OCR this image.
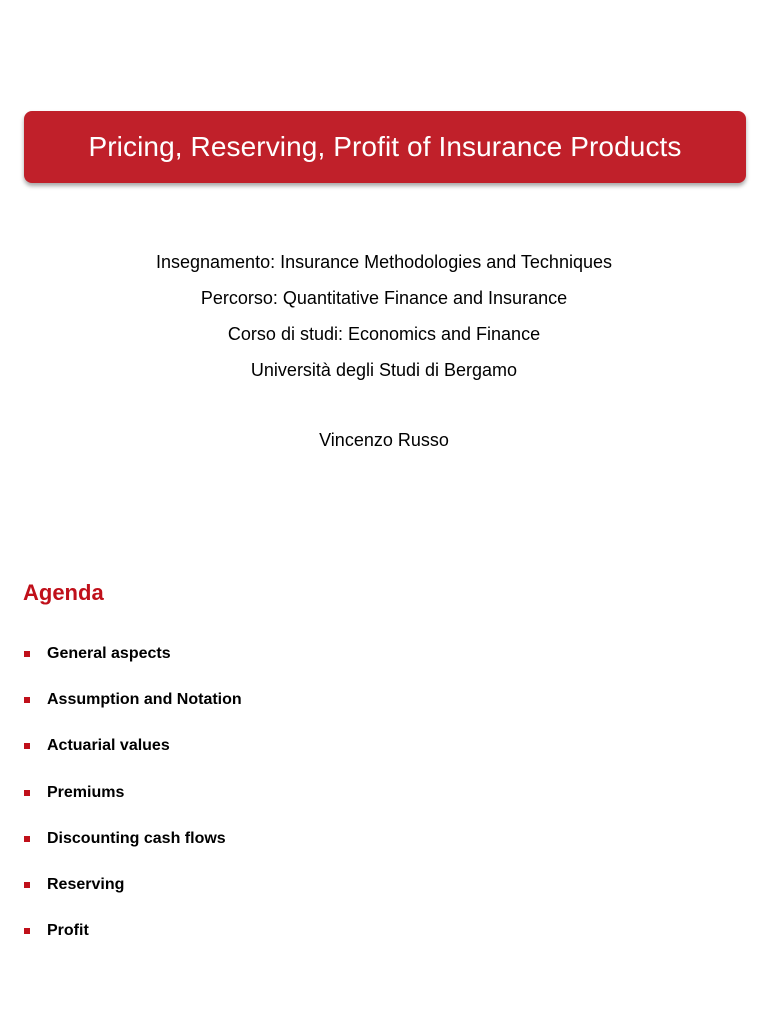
Pricing, Reserving, Profit of Insurance Products
Insegnamento: Insurance Methodologies and Techniques
Percorso: Quantitative Finance and Insurance
Corso di studi: Economics and Finance
Università degli Studi di Bergamo
Vincenzo Russo
Agenda
General aspects
Assumption and Notation
Actuarial values
Premiums
Discounting cash flows
Reserving
Profit
